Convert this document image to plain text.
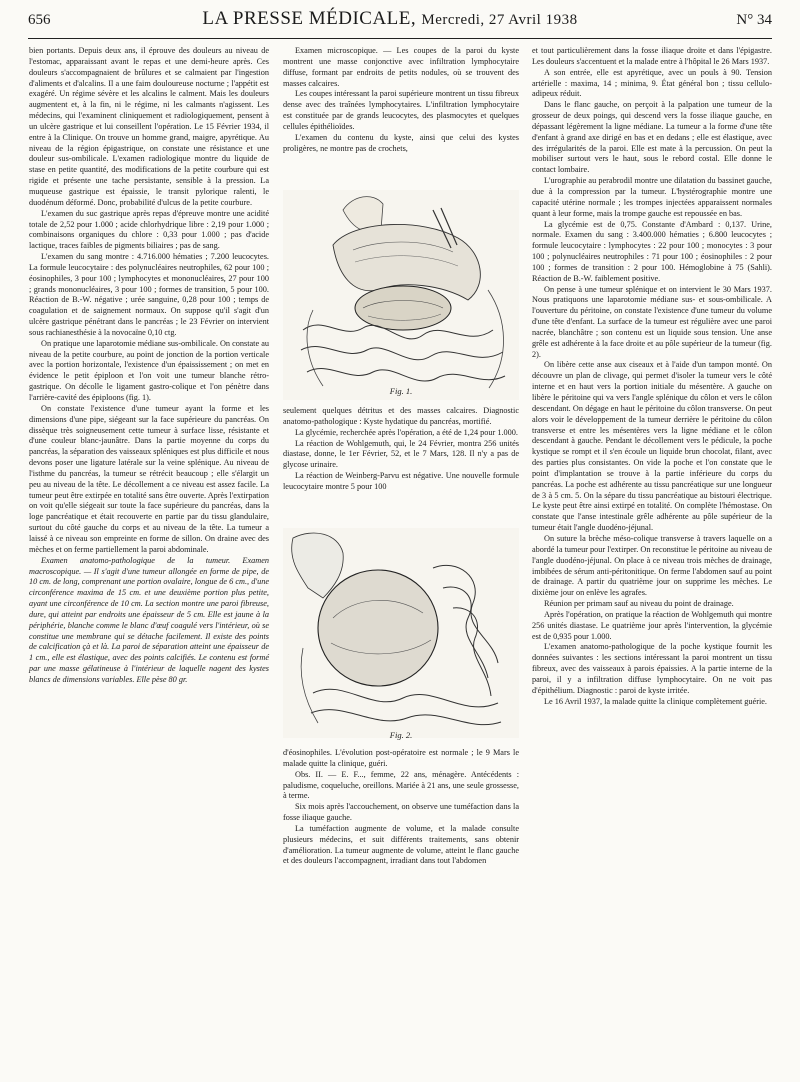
656	LA PRESSE MÉDICALE, Mercredi, 27 Avril 1938	N° 34

bien portants. Depuis deux ans, il éprouve des douleurs au niveau de l'estomac, apparaissant avant le repas et une demi-heure après. Ces douleurs s'accompagnaient de brûlures et se calmaient par l'ingestion d'aliments et d'alcalins. Il a une faim douloureuse nocturne ; l'appétit est exagéré. Un régime sévère et les alcalins le calment. Mais les douleurs augmentent et, à la fin, ni le régime, ni les calmants n'agissent. Les médecins, qui l'examinent cliniquement et radiologiquement, pensent à un ulcère gastrique et lui conseillent l'opération. Le 15 Février 1934, il entre à la Clinique. On trouve un homme grand, maigre, apyrétique. Au niveau de la région épigastrique, on constate une résistance et une douleur sus-ombilicale. L'examen radiologique montre du liquide de stase en petite quantité, des modifications de la petite courbure qui est rigide et présente une tache persistante, sensible à la pression. La muqueuse gastrique est épaissie, le transit pylorique ralenti, le duodénum déformé. Donc, probabilité d'ulcus de la petite courbure.

L'examen du suc gastrique après repas d'épreuve montre une acidité totale de 2,52 pour 1.000 ; acide chlorhydrique libre : 2,19 pour 1.000 ; combinaisons organiques du chlore : 0,33 pour 1.000 ; pas d'acide lactique, traces faibles de pigments biliaires ; pas de sang.

L'examen du sang montre : 4.716.000 hématies ; 7.200 leucocytes. La formule leucocytaire : des polynucléaires neutrophiles, 62 pour 100 ; éosinophiles, 3 pour 100 ; lymphocytes et mononucléaires, 27 pour 100 ; grands mononucléaires, 3 pour 100 ; formes de transition, 5 pour 100. Réaction de B.-W. négative ; urée sanguine, 0,28 pour 100 ; temps de coagulation et de saignement normaux. On suppose qu'il s'agit d'un ulcère gastrique pénétrant dans le pancréas ; le 23 Février on intervient sous rachianesthésie à la novocaïne 0,10 ctg.

On pratique une laparotomie médiane sus-ombilicale. On constate au niveau de la petite courbure, au point de jonction de la portion verticale avec la portion horizontale, l'existence d'un épaississement ; on met en évidence le petit épiploon et l'on voit une tumeur blanche rétro-gastrique. On décolle le ligament gastro-colique et l'on pénètre dans l'arrière-cavité des épiploons (fig. 1).

On constate l'existence d'une tumeur ayant la forme et les dimensions d'une pipe, siégeant sur la face supérieure du pancréas. On dissèque très soigneusement cette tumeur à surface lisse, résistante et d'une couleur blanc-jaunâtre. Dans la partie moyenne du corps du pancréas, la séparation des vaisseaux spléniques est plus difficile et nous devons poser une ligature latérale sur la veine splénique. Au niveau de l'isthme du pancréas, la tumeur se rétrécit beaucoup ; elle s'élargit un peu au niveau de la tête. Le décollement a ce niveau est assez facile. La tumeur peut être extirpée en totalité sans être ouverte. Après l'extirpation on voit qu'elle siégeait sur toute la face supérieure du pancréas, dans la loge pancréatique et était recouverte en partie par du tissu glandulaire, surtout du côté gauche du corps et au niveau de la tête. La tumeur a laissé à ce niveau son empreinte en forme de sillon. On draine avec des mèches et on ferme partiellement la paroi abdominale.

Examen anatomo-pathologique de la tumeur. Examen macroscopique. — Il s'agit d'une tumeur allongée en forme de pipe, de 10 cm. de long, comprenant une portion ovalaire, longue de 6 cm., d'une circonférence maxima de 15 cm. et une deuxième portion plus petite, ayant une circonférence de 10 cm. La section montre une paroi fibreuse, dure, qui atteint par endroits une épaisseur de 5 cm. Elle est jaune à la périphérie, blanche comme le blanc d'œuf coagulé vers l'intérieur, où se constitue une membrane qui se détache facilement. Il existe des points de calcification çà et là. La paroi de séparation atteint une épaisseur de 1 cm., elle est élastique, avec des points calcifiés. Le contenu est formé par une masse gélatineuse à l'intérieur de laquelle nagent des kystes blancs de dimensions variables. Elle pèse 80 gr.

Examen microscopique. — Les coupes de la paroi du kyste montrent une masse conjonctive avec infiltration lymphocytaire diffuse, formant par endroits de petits nodules, où se trouvent des masses calcaires.

Les coupes intéressant la paroi supérieure montrent un tissu fibreux dense avec des traînées lymphocytaires. L'infiltration lymphocytaire est constituée par de grands leucocytes, des plasmocytes et quelques cellules épithélioïdes.

L'examen du contenu du kyste, ainsi que celui des kystes proligères, ne montre pas de crochets,

Fig. 1.

seulement quelques détritus et des masses calcaires. Diagnostic anatomo-pathologique : Kyste hydatique du pancréas, mortifié.

La glycémie, recherchée après l'opération, a été de 1,24 pour 1.000.

La réaction de Wohlgemuth, qui, le 24 Février, montra 256 unités diastase, donne, le 1er Février, 52, et le 7 Mars, 128. Il n'y a pas de glycose urinaire.

La réaction de Weinberg-Parvu est négative. Une nouvelle formule leucocytaire montre 5 pour 100

Fig. 2.

d'éosinophiles. L'évolution post-opératoire est normale ; le 9 Mars le malade quitte la clinique, guéri.

Obs. II. — E. F..., femme, 22 ans, ménagère. Antécédents : paludisme, coqueluche, oreillons. Mariée à 21 ans, une seule grossesse, à terme.

Six mois après l'accouchement, on observe une tuméfaction dans la fosse iliaque gauche.

La tuméfaction augmente de volume, et la malade consulte plusieurs médecins, et suit différents traitements, sans obtenir d'amélioration. La tumeur augmente de volume, atteint le flanc gauche et des douleurs l'accompagnent, irradiant dans tout l'abdomen

et tout particulièrement dans la fosse iliaque droite et dans l'épigastre. Les douleurs s'accentuent et la malade entre à l'hôpital le 26 Mars 1937.

A son entrée, elle est apyrétique, avec un pouls à 90. Tension artérielle : maxima, 14 ; minima, 9. État général bon ; tissu cellulo-adipeux réduit.

Dans le flanc gauche, on perçoit à la palpation une tumeur de la grosseur de deux poings, qui descend vers la fosse iliaque gauche, en dépassant légèrement la ligne médiane. La tumeur a la forme d'une tête d'enfant à grand axe dirigé en bas et en dedans ; elle est élastique, avec des irrégularités de la paroi. Elle est mate à la percussion. On peut la mobiliser surtout vers le haut, sous le rebord costal. Elle donne le contact lombaire.

L'urographie au perabrodil montre une dilatation du bassinet gauche, due à la compression par la tumeur. L'hystérographie montre une capacité utérine normale ; les trompes injectées apparaissent normales quant à leur forme, mais la trompe gauche est repoussée en bas.

La glycémie est de 0,75. Constante d'Ambard : 0,137. Urine, normale. Examen du sang : 3.400.000 hématies ; 6.800 leucocytes ; formule leucocytaire : lymphocytes : 22 pour 100 ; monocytes : 3 pour 100 ; polynucléaires neutrophiles : 71 pour 100 ; éosinophiles : 2 pour 100 ; formes de transition : 2 pour 100. Hémoglobine à 75 (Sahli). Réaction de B.-W. faiblement positive.

On pense à une tumeur splénique et on intervient le 30 Mars 1937. Nous pratiquons une laparotomie médiane sus- et sous-ombilicale. A l'ouverture du péritoine, on constate l'existence d'une tumeur du volume d'une tête d'enfant. La surface de la tumeur est régulière avec une paroi nacrée, blanchâtre ; son contenu est un liquide sous tension. Une anse grêle est adhérente à la face droite et au pôle supérieur de la tumeur (fig. 2).

On libère cette anse aux ciseaux et à l'aide d'un tampon monté. On découvre un plan de clivage, qui permet d'isoler la tumeur vers le côté interne et en haut vers la portion initiale du mésentère. A gauche on libère le péritoine qui va vers l'angle splénique du côlon et vers le côlon descendant. On dégage en haut le péritoine du côlon transverse. On peut alors voir le développement de la tumeur derrière le péritoine du côlon transverse et entre les mésentères vers la ligne médiane et le côlon descendant à gauche. Pendant le décollement vers le pédicule, la poche kystique se rompt et il s'en écoule un liquide brun chocolat, filant, avec des parties plus consistantes. On vide la poche et l'on constate que le point d'implantation se trouve à la partie inférieure du corps du pancréas. La poche est adhérente au tissu pancréatique sur une longueur de 3 à 5 cm. 5. On la sépare du tissu pancréatique au bistouri électrique. Le kyste peut être ainsi extirpé en totalité. On complète l'hémostase. On constate que l'anse intestinale grêle adhérente au pôle supérieur de la tumeur était l'angle duodéno-jéjunal.

On suture la brèche méso-colique transverse à travers laquelle on a abordé la tumeur pour l'extirper. On reconstitue le péritoine au niveau de l'angle duodéno-jéjunal. On place à ce niveau trois mèches de drainage, imbibées de sérum anti-péritonitique. On ferme l'abdomen sauf au point de drainage. A partir du quatrième jour on supprime les mèches. Le dixième jour on enlève les agrafes.

Réunion per primam sauf au niveau du point de drainage.

Après l'opération, on pratique la réaction de Wohlgemuth qui montre 256 unités diastase. Le quatrième jour après l'intervention, la glycémie est de 0,935 pour 1.000.

L'examen anatomo-pathologique de la poche kystique fournit les données suivantes : les sections intéressant la paroi montrent un tissu fibreux, avec des vaisseaux à parois épaissies. A la partie interne de la paroi, il y a infiltration diffuse lymphocytaire. On ne voit pas d'épithélium. Diagnostic : paroi de kyste irritée.

Le 16 Avril 1937, la malade quitte la clinique complètement guérie.
